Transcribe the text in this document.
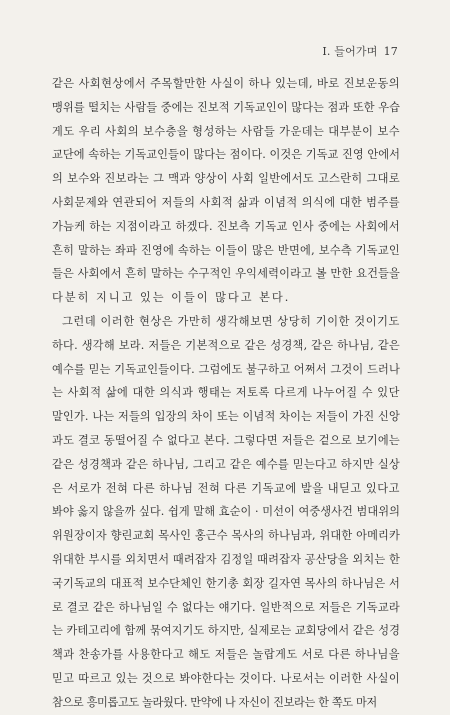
I. 들어가며 17
같은 사회현상에서 주목할만한 사실이 하나 있는데, 바로 진보운동의
맹위를 떨치는 사람들 중에는 진보적 기독교인이 많다는 점과 또한 우습
게도 우리 사회의 보수층을 형성하는 사람들 가운데는 대부분이 보수
교단에 속하는 기독교인들이 많다는 점이다. 이것은 기독교 진영 안에서
의 보수와 진보라는 그 맥과 양상이 사회 일반에서도 고스란히 그대로
사회문제와 연관되어 저들의 사회적 삶과 이념적 의식에 대한 범주를
가늠케 하는 지점이라고 하겠다. 진보측 기독교 인사 중에는 사회에서
흔히 말하는 좌파 진영에 속하는 이들이 많은 반면에, 보수측 기독교인
들은 사회에서 흔히 말하는 수구적인 우익세력이라고 볼 만한 요건들을
다분히 지니고 있는 이들이 많다고 본다.
그런데 이러한 현상은 가만히 생각해보면 상당히 기이한 것이기도
하다. 생각해 보라. 저들은 기본적으로 같은 성경책, 같은 하나님, 같은
예수를 믿는 기독교인들이다. 그럼에도 불구하고 어쩌서 그것이 드러나
는 사회적 삶에 대한 의식과 행태는 저토록 다르게 나누어질 수 있단
말인가. 나는 저들의 입장의 차이 또는 이념적 차이는 저들이 가진 신앙
과도 결코 동떨어질 수 없다고 본다. 그렇다면 저들은 겉으로 보기에는
같은 성경책과 같은 하나님, 그리고 같은 예수를 믿는다고 하지만 실상
은 서로가 전혀 다른 하나님 전혀 다른 기독교에 발을 내딛고 있다고
봐야 옳지 않을까 싶다. 쉽게 말해 효순이 · 미선이 여중생사건 범대위의
위원장이자 향린교회 목사인 홍근수 목사의 하나님과, 위대한 아메리카
위대한 부시를 외치면서 때려잡자 김정일 때려잡자 공산당을 외치는 한
국기독교의 대표적 보수단체인 한기총 회장 길자연 목사의 하나님은 서
로 결코 같은 하나님일 수 없다는 얘기다. 일반적으로 저들은 기독교라
는 카테고리에 함께 묶여지기도 하지만, 실제로는 교회당에서 같은 성경
책과 찬송가를 사용한다고 해도 저들은 놀랍게도 서로 다른 하나님을
믿고 따르고 있는 것으로 봐야한다는 것이다. 나로서는 이러한 사실이
참으로 흥미롭고도 놀라웠다. 만약에 나 자신이 진보라는 한 쪽도 마저
